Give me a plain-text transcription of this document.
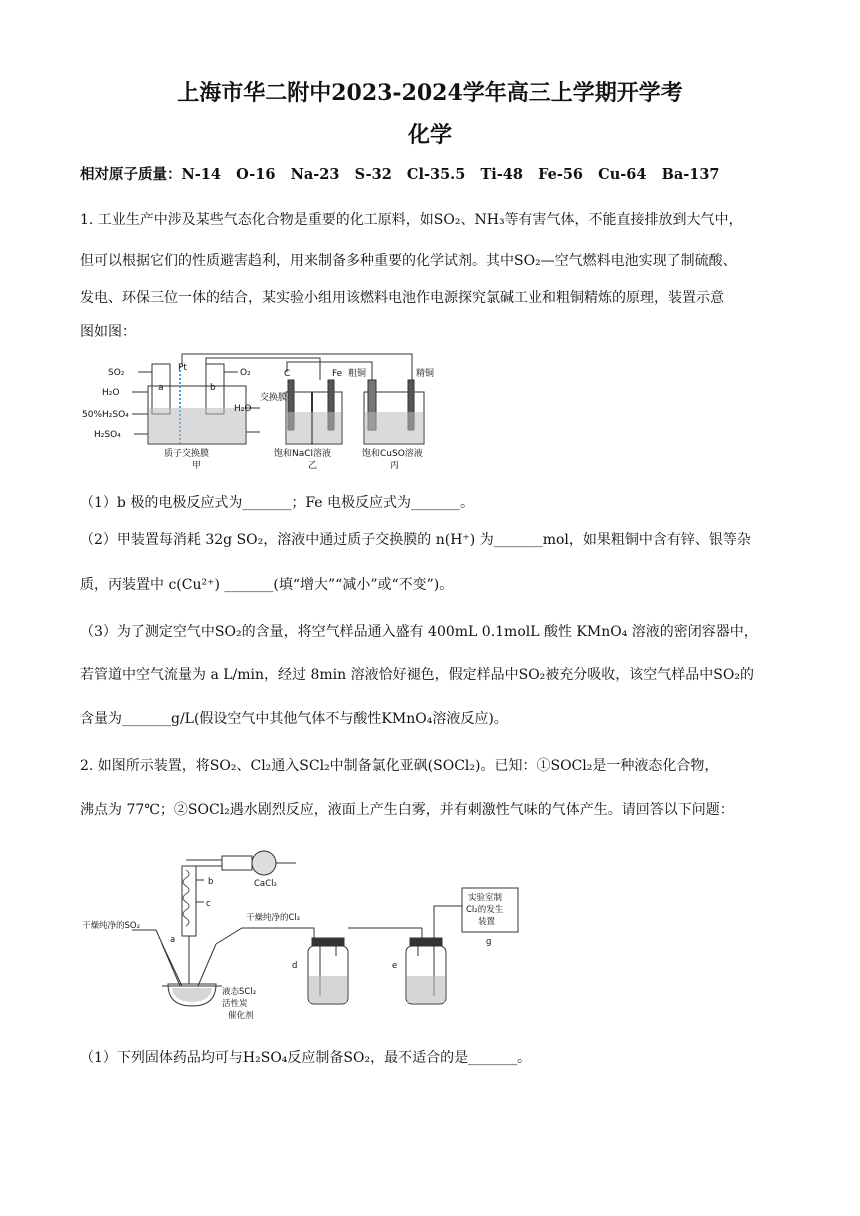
上海市华二附中2023-2024学年高三上学期开学考
化学
相对原子质量：N-14   O-16   Na-23   S-32   Cl-35.5   Ti-48   Fe-56   Cu-64   Ba-137
1. 工业生产中涉及某些气态化合物是重要的化工原料，如SO₂、NH₃等有害气体，不能直接排放到大气中，
但可以根据它们的性质避害趋利，用来制备多种重要的化学试剂。其中SO₂—空气燃料电池实现了制硫酸、
发电、环保三位一体的结合，某实验小组用该燃料电池作电源探究氯碱工业和粗铜精炼的原理，装置示意
图如图：
SO₂	Pt	O₂
H₂O
50%H₂SO₄
H₂SO₄
H₂O
a	b
质子交换膜
甲
C	Fe
交换膜
饱和NaCl溶液
乙
粗铜	精铜
饱和CuSO溶液
丙
（1）b 极的电极反应式为_______；Fe 电极反应式为_______。
（2）甲装置每消耗 32g SO₂，溶液中通过质子交换膜的 n(H⁺) 为_______mol，如果粗铜中含有锌、银等杂
质，丙装置中 c(Cu²⁺) _______(填“增大”“减小”或“不变”)。
（3）为了测定空气中SO₂的含量，将空气样品通入盛有 400mL 0.1molL 酸性 KMnO₄ 溶液的密闭容器中，
若管道中空气流量为 a L/min，经过 8min 溶液恰好褪色，假定样品中SO₂被充分吸收，该空气样品中SO₂的
含量为_______g/L(假设空气中其他气体不与酸性KMnO₄溶液反应)。
2. 如图所示装置，将SO₂、Cl₂通入SCl₂中制备氯化亚砜(SOCl₂)。已知：①SOCl₂是一种液态化合物，
沸点为 77℃；②SOCl₂遇水剧烈反应，液面上产生白雾，并有刺激性气味的气体产生。请回答以下问题：
CaCl₂
b
c
a
干燥纯净的SO₂
干燥纯净的Cl₂
液态SCl₂
活性炭
催化剂
d	e
实验室制
Cl₂的发生
装置
g
（1）下列固体药品均可与H₂SO₄反应制备SO₂，最不适合的是_______。
